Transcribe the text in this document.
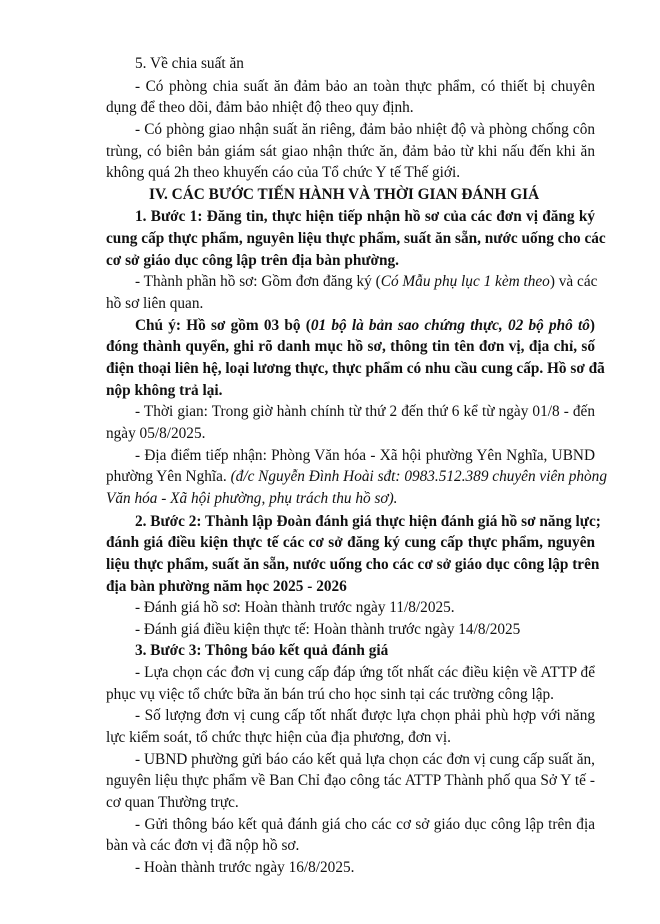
5. Về chia suất ăn
- Có phòng chia suất ăn đảm bảo an toàn thực phẩm, có thiết bị chuyên
dụng để theo dõi, đảm bảo nhiệt độ theo quy định.
- Có phòng giao nhận suất ăn riêng, đảm bảo nhiệt độ và phòng chống côn
trùng, có biên bản giám sát giao nhận thức ăn, đảm bảo từ khi nấu đến khi ăn
không quá 2h theo khuyến cáo của Tổ chức Y tế Thế giới.
IV. CÁC BƯỚC TIẾN HÀNH VÀ THỜI GIAN ĐÁNH GIÁ
1. Bước 1: Đăng tin, thực hiện tiếp nhận hồ sơ của các đơn vị đăng ký
cung cấp thực phẩm, nguyên liệu thực phẩm, suất ăn sẵn, nước uống cho các
cơ sở giáo dục công lập trên địa bàn phường.
- Thành phần hồ sơ: Gồm đơn đăng ký (Có Mẫu phụ lục 1 kèm theo) và các
hồ sơ liên quan.
Chú ý: Hồ sơ gồm 03 bộ (01 bộ là bản sao chứng thực, 02 bộ phô tô)
đóng thành quyển, ghi rõ danh mục hồ sơ, thông tin tên đơn vị, địa chỉ, số
điện thoại liên hệ, loại lương thực, thực phẩm có nhu cầu cung cấp. Hồ sơ đã
nộp không trả lại.
- Thời gian: Trong giờ hành chính từ thứ 2 đến thứ 6 kể từ ngày 01/8 - đến
ngày 05/8/2025.
- Địa điểm tiếp nhận: Phòng Văn hóa - Xã hội phường Yên Nghĩa, UBND
phường Yên Nghĩa. (đ/c Nguyễn Đình Hoài sđt: 0983.512.389 chuyên viên phòng
Văn hóa - Xã hội phường, phụ trách thu hồ sơ).
2. Bước 2: Thành lập Đoàn đánh giá thực hiện đánh giá hồ sơ năng lực;
đánh giá điều kiện thực tế các cơ sở đăng ký cung cấp thực phẩm, nguyên
liệu thực phẩm, suất ăn sẵn, nước uống cho các cơ sở giáo dục công lập trên
địa bàn phường năm học 2025 - 2026
- Đánh giá hồ sơ: Hoàn thành trước ngày 11/8/2025.
- Đánh giá điều kiện thực tế: Hoàn thành trước ngày 14/8/2025
3. Bước 3: Thông báo kết quả đánh giá
- Lựa chọn các đơn vị cung cấp đáp ứng tốt nhất các điều kiện về ATTP để
phục vụ việc tổ chức bữa ăn bán trú cho học sinh tại các trường công lập.
- Số lượng đơn vị cung cấp tốt nhất được lựa chọn phải phù hợp với năng
lực kiểm soát, tổ chức thực hiện của địa phương, đơn vị.
- UBND phường gửi báo cáo kết quả lựa chọn các đơn vị cung cấp suất ăn,
nguyên liệu thực phẩm về Ban Chỉ đạo công tác ATTP Thành phố qua Sở Y tế -
cơ quan Thường trực.
- Gửi thông báo kết quả đánh giá cho các cơ sở giáo dục công lập trên địa
bàn và các đơn vị đã nộp hồ sơ.
- Hoàn thành trước ngày 16/8/2025.
